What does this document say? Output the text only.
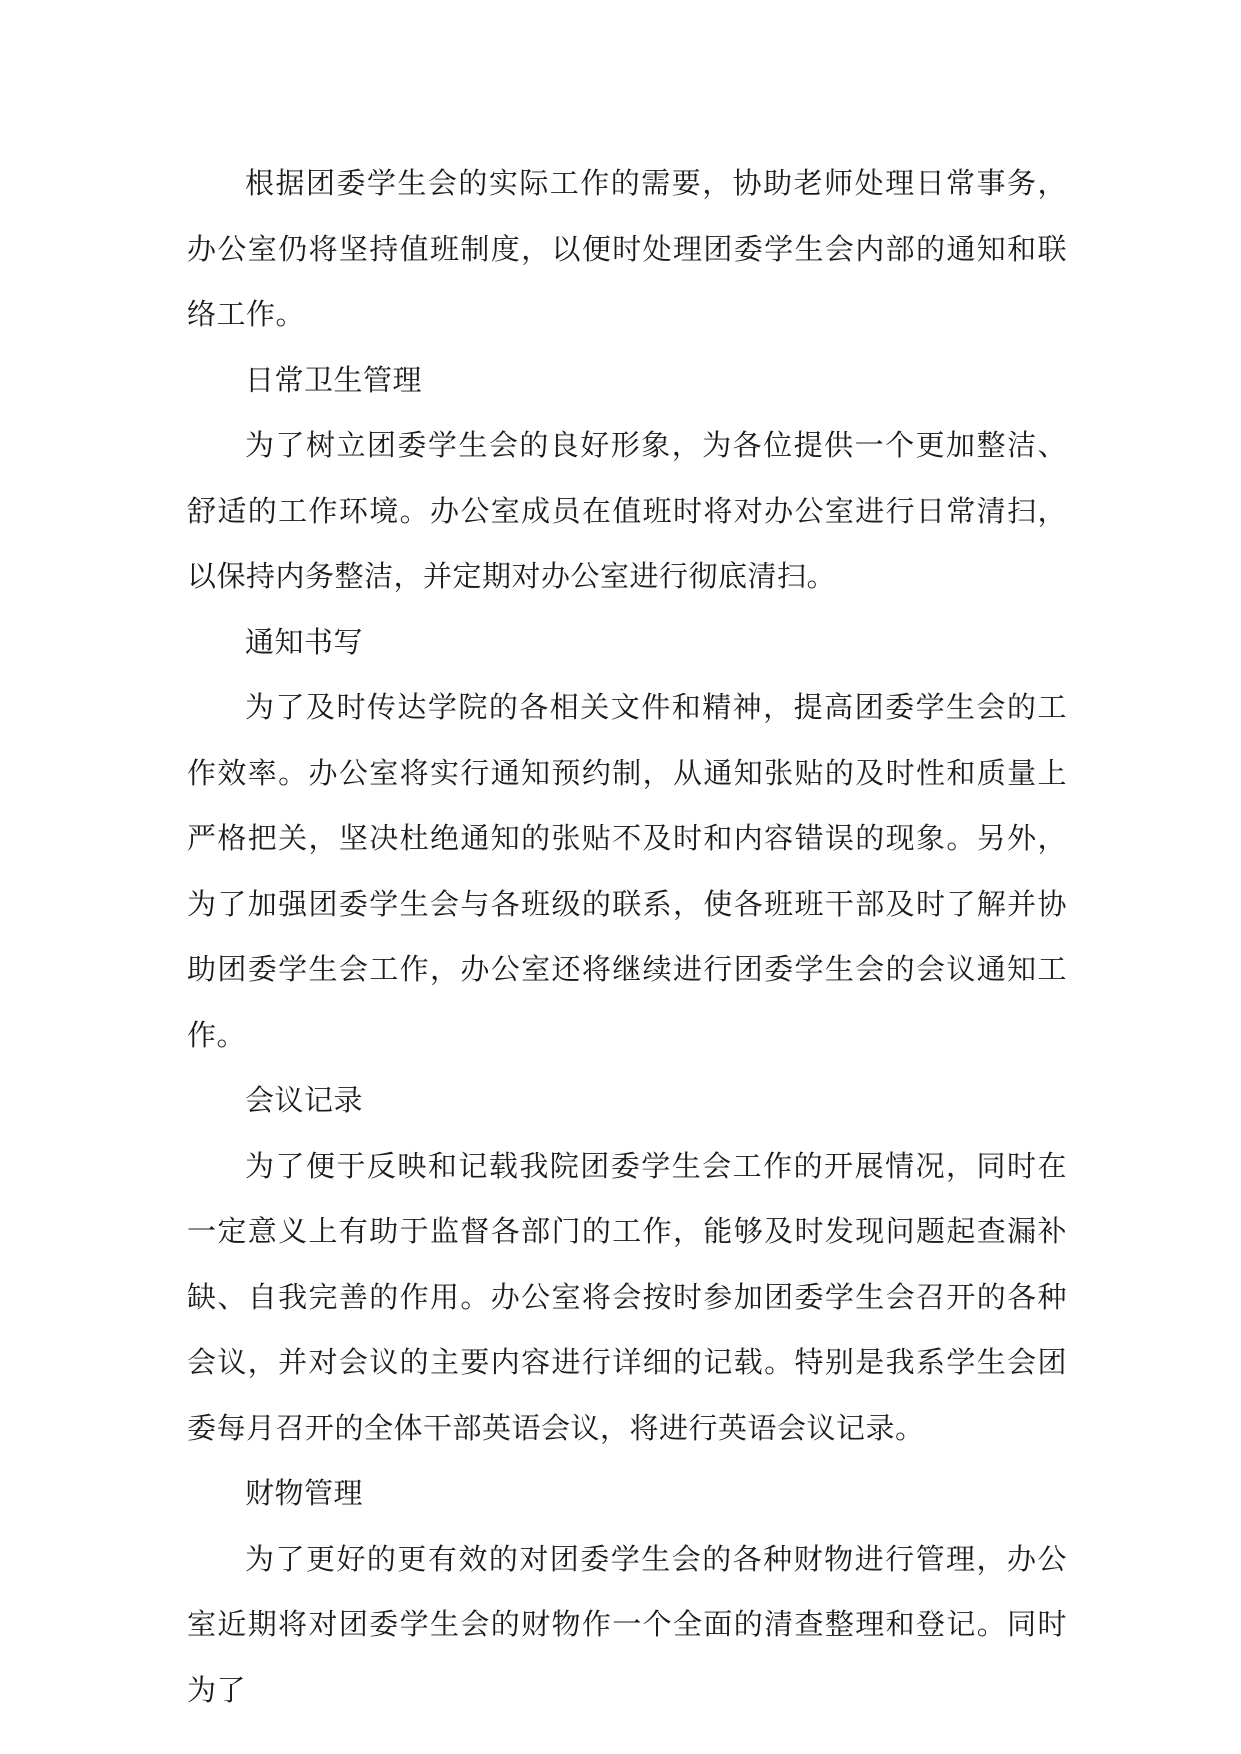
根据团委学生会的实际工作的需要，协助老师处理日常事务，办公室仍将坚持值班制度，以便时处理团委学生会内部的通知和联络工作。

日常卫生管理

为了树立团委学生会的良好形象，为各位提供一个更加整洁、舒适的工作环境。办公室成员在值班时将对办公室进行日常清扫，以保持内务整洁，并定期对办公室进行彻底清扫。

通知书写

为了及时传达学院的各相关文件和精神，提高团委学生会的工作效率。办公室将实行通知预约制，从通知张贴的及时性和质量上严格把关，坚决杜绝通知的张贴不及时和内容错误的现象。另外，为了加强团委学生会与各班级的联系，使各班班干部及时了解并协助团委学生会工作，办公室还将继续进行团委学生会的会议通知工作。

会议记录

为了便于反映和记载我院团委学生会工作的开展情况，同时在一定意义上有助于监督各部门的工作，能够及时发现问题起查漏补缺、自我完善的作用。办公室将会按时参加团委学生会召开的各种会议，并对会议的主要内容进行详细的记载。特别是我系学生会团委每月召开的全体干部英语会议，将进行英语会议记录。

财物管理

为了更好的更有效的对团委学生会的各种财物进行管理，办公室近期将对团委学生会的财物作一个全面的清查整理和登记。同时为了
